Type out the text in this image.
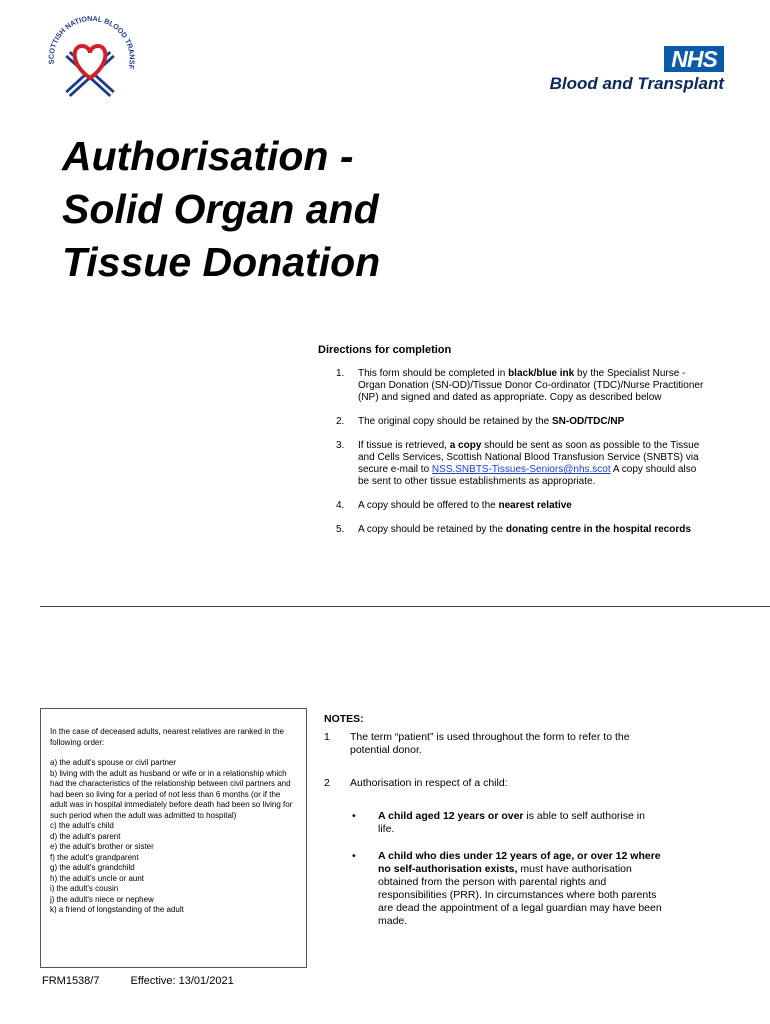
SCOTTISH NATIONAL BLOOD TRANSF	NHS
Blood and Transplant
Authorisation -
Solid Organ and
Tissue Donation
Directions for completion
1.	This form should be completed in black/blue ink by the Specialist Nurse - Organ Donation (SN-OD)/Tissue Donor Co-ordinator (TDC)/Nurse Practitioner (NP) and signed and dated as appropriate. Copy as described below
2.	The original copy should be retained by the SN-OD/TDC/NP
3.	If tissue is retrieved, a copy should be sent as soon as possible to the Tissue and Cells Services, Scottish National Blood Transfusion Service (SNBTS) via secure e-mail to NSS.SNBTS-Tissues-Seniors@nhs.scot A copy should also be sent to other tissue establishments as appropriate.
4.	A copy should be offered to the nearest relative
5.	A copy should be retained by the donating centre in the hospital records

In the case of deceased adults, nearest relatives are ranked in the following order:

a) the adult's spouse or civil partner
b) living with the adult as husband or wife or in a relationship which had the characteristics of the relationship between civil partners and had been so living for a period of not less than 6 months (or if the adult was in hospital immediately before death had been so living for such period when the adult was admitted to hospital)
c) the adult's child
d) the adult's parent
e) the adult's brother or sister
f) the adult's grandparent
g) the adult's grandchild
h) the adult's uncle or aunt
i) the adult's cousin
j) the adult's niece or nephew
k) a friend of longstanding of the adult
NOTES:
1	The term “patient” is used throughout the form to refer to the potential donor.
2	Authorisation in respect of a child:
•	A child aged 12 years or over is able to self authorise in life.
•	A child who dies under 12 years of age, or over 12 where no self-authorisation exists, must have authorisation obtained from the person with parental rights and responsibilities (PRR). In circumstances where both parents are dead the appointment of a legal guardian may have been made.
FRM1538/7	Effective: 13/01/2021
